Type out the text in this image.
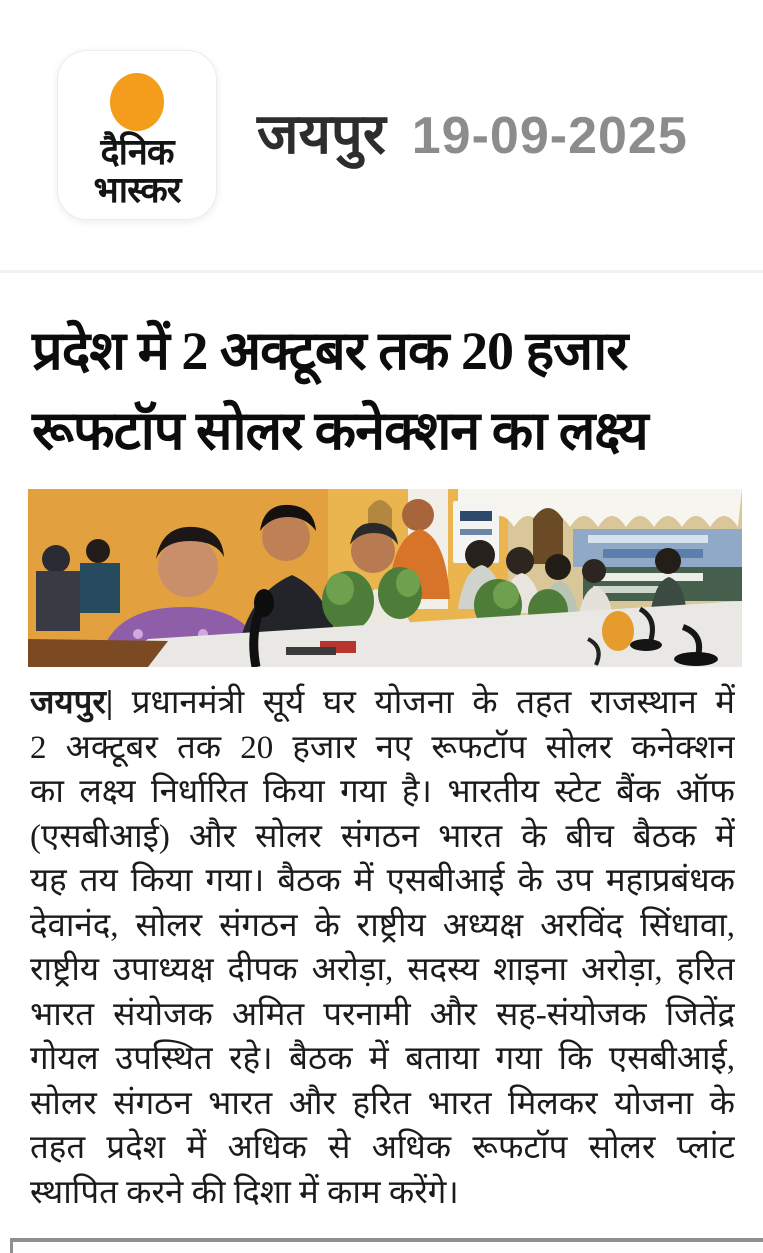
दैनिक
भास्कर
जयपुर 19-09-2025
प्रदेश में 2 अक्टूबर तक 20 हजार
रूफटॉप सोलर कनेक्शन का लक्ष्य
जयपुर| प्रधानमंत्री सूर्य घर योजना के तहत राजस्थान में
2 अक्टूबर तक 20 हजार नए रूफटॉप सोलर कनेक्शन
का लक्ष्य निर्धारित किया गया है। भारतीय स्टेट बैंक ऑफ
(एसबीआई) और सोलर संगठन भारत के बीच बैठक में
यह तय किया गया। बैठक में एसबीआई के उप महाप्रबंधक
देवानंद, सोलर संगठन के राष्ट्रीय अध्यक्ष अरविंद सिंधावा,
राष्ट्रीय उपाध्यक्ष दीपक अरोड़ा, सदस्य शाइना अरोड़ा, हरित
भारत संयोजक अमित परनामी और सह-संयोजक जितेंद्र
गोयल उपस्थित रहे। बैठक में बताया गया कि एसबीआई,
सोलर संगठन भारत और हरित भारत मिलकर योजना के
तहत प्रदेश में अधिक से अधिक रूफटॉप सोलर प्लांट
स्थापित करने की दिशा में काम करेंगे।
